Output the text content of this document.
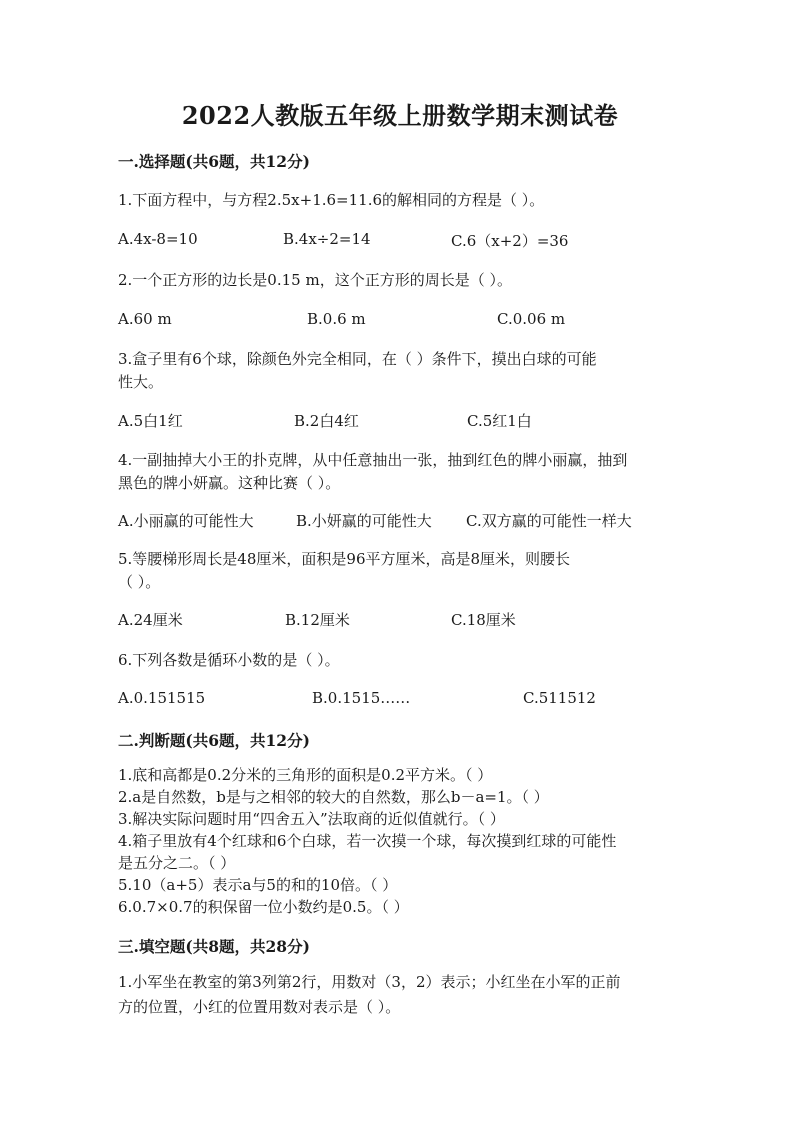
2022人教版五年级上册数学期末测试卷
一.选择题(共6题，共12分)
1.下面方程中，与方程2.5x+1.6=11.6的解相同的方程是（ ）。
A.4x-8=10	B.4x÷2=14	C.6（x+2）=36
2.一个正方形的边长是0.15 m，这个正方形的周长是（ ）。
A.60 m	B.0.6 m	C.0.06 m
3.盒子里有6个球，除颜色外完全相同，在（ ）条件下，摸出白球的可能
性大。
A.5白1红	B.2白4红	C.5红1白
4.一副抽掉大小王的扑克牌，从中任意抽出一张，抽到红色的牌小丽赢，抽到
黑色的牌小妍赢。这种比赛（ ）。
A.小丽赢的可能性大	B.小妍赢的可能性大 C.双方赢的可能性一样大
5.等腰梯形周长是48厘米，面积是96平方厘米，高是8厘米，则腰长
（ ）。
A.24厘米	B.12厘米	C.18厘米
6.下列各数是循环小数的是（ ）。
A.0.151515	B.0.1515……	C.511512
二.判断题(共6题，共12分)
1.底和高都是0.2分米的三角形的面积是0.2平方米。（ ）
2.a是自然数，b是与之相邻的较大的自然数，那么b－a=1。（ ）
3.解决实际问题时用“四舍五入”法取商的近似值就行。（ ）
4.箱子里放有4个红球和6个白球，若一次摸一个球，每次摸到红球的可能性
是五分之二。（ ）
5.10（a+5）表示a与5的和的10倍。（ ）
6.0.7×0.7的积保留一位小数约是0.5。（ ）
三.填空题(共8题，共28分)
1.小军坐在教室的第3列第2行，用数对（3，2）表示；小红坐在小军的正前
方的位置，小红的位置用数对表示是（ ）。
